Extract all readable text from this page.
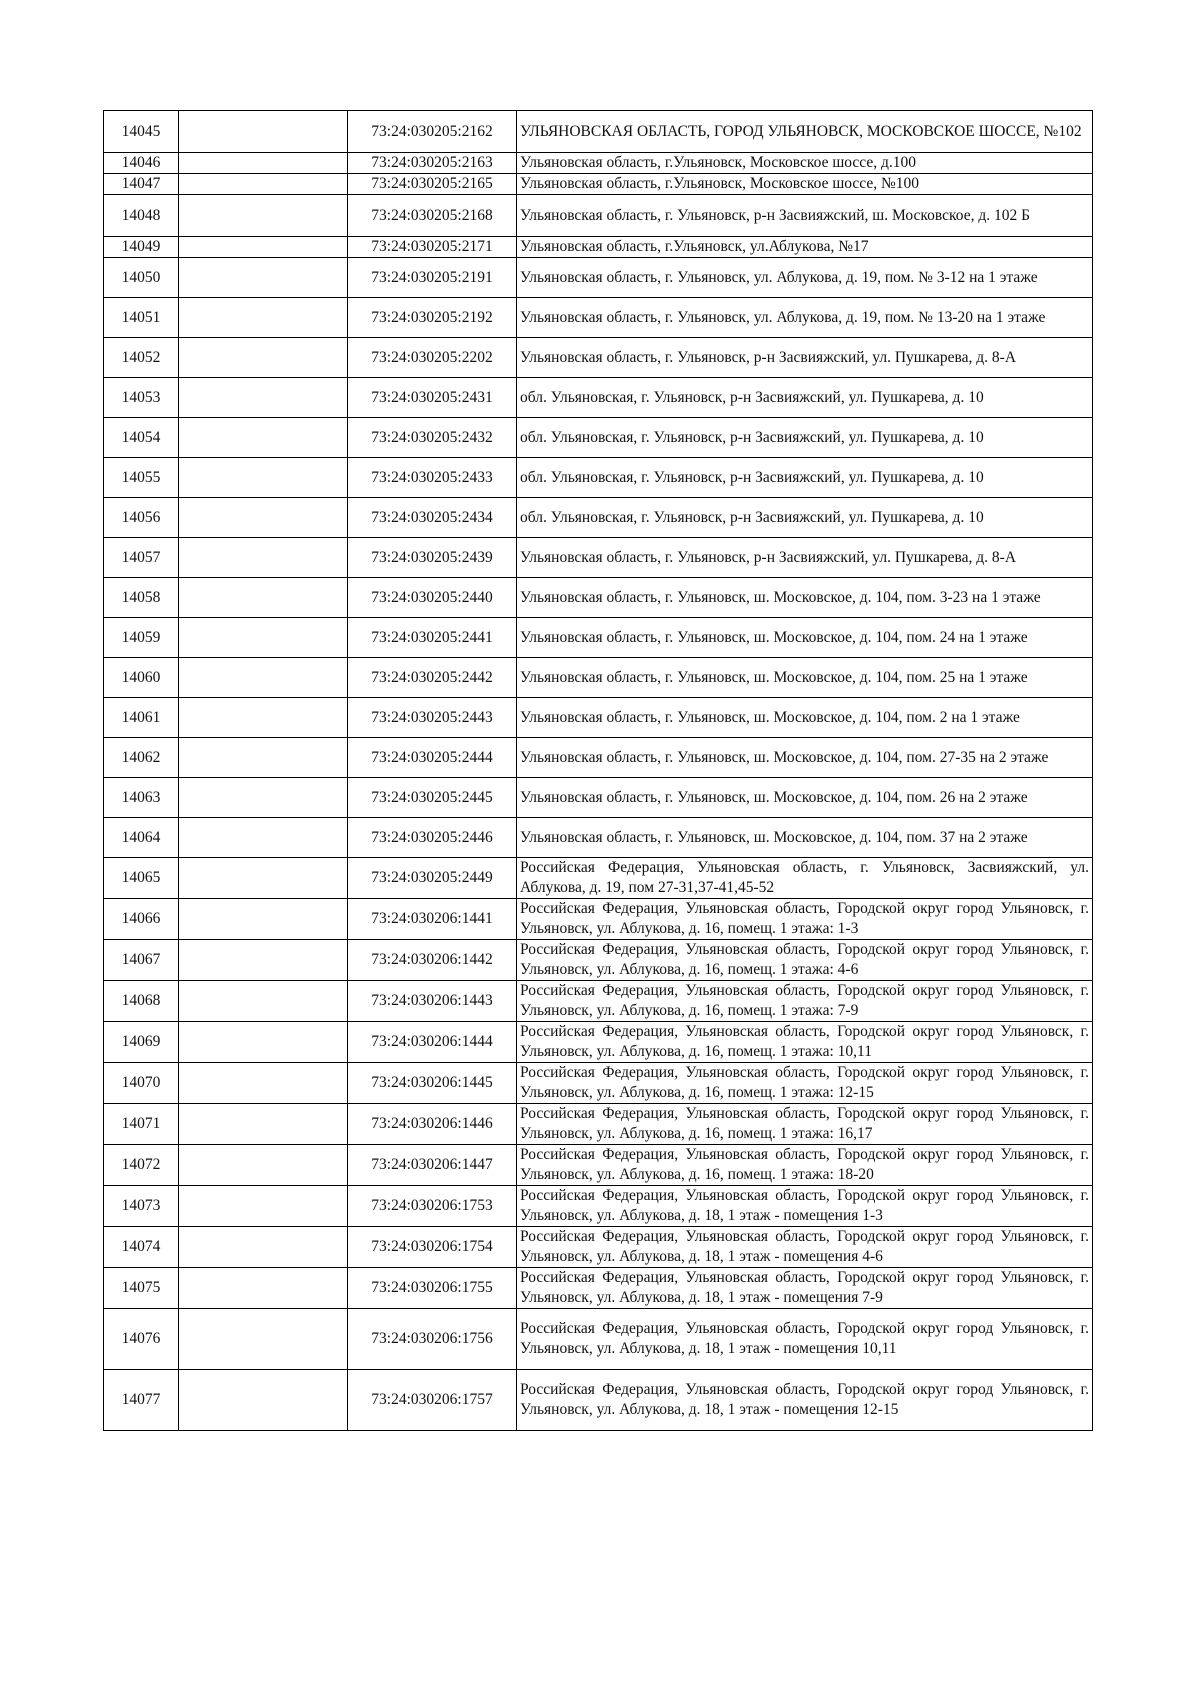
14045		73:24:030205:2162	УЛЬЯНОВСКАЯ ОБЛАСТЬ, ГОРОД УЛЬЯНОВСК, МОСКОВСКОЕ ШОССЕ, №102
14046		73:24:030205:2163	Ульяновская область, г.Ульяновск, Московское шоссе, д.100
14047		73:24:030205:2165	Ульяновская область, г.Ульяновск, Московское шоссе, №100
14048		73:24:030205:2168	Ульяновская область, г. Ульяновск, р-н Засвияжский, ш. Московское, д. 102 Б
14049		73:24:030205:2171	Ульяновская область, г.Ульяновск, ул.Аблукова, №17
14050		73:24:030205:2191	Ульяновская область, г. Ульяновск, ул. Аблукова, д. 19, пом. № 3-12 на 1 этаже
14051		73:24:030205:2192	Ульяновская область, г. Ульяновск, ул. Аблукова, д. 19, пом. № 13-20 на 1 этаже
14052		73:24:030205:2202	Ульяновская область, г. Ульяновск, р-н Засвияжский, ул. Пушкарева, д. 8-А
14053		73:24:030205:2431	обл. Ульяновская, г. Ульяновск, р-н Засвияжский, ул. Пушкарева, д. 10
14054		73:24:030205:2432	обл. Ульяновская, г. Ульяновск, р-н Засвияжский, ул. Пушкарева, д. 10
14055		73:24:030205:2433	обл. Ульяновская, г. Ульяновск, р-н Засвияжский, ул. Пушкарева, д. 10
14056		73:24:030205:2434	обл. Ульяновская, г. Ульяновск, р-н Засвияжский, ул. Пушкарева, д. 10
14057		73:24:030205:2439	Ульяновская область, г. Ульяновск, р-н Засвияжский, ул. Пушкарева, д. 8-А
14058		73:24:030205:2440	Ульяновская область, г. Ульяновск, ш. Московское, д. 104, пом. 3-23 на 1 этаже
14059		73:24:030205:2441	Ульяновская область, г. Ульяновск, ш. Московское, д. 104, пом. 24 на 1 этаже
14060		73:24:030205:2442	Ульяновская область, г. Ульяновск, ш. Московское, д. 104, пом. 25 на 1 этаже
14061		73:24:030205:2443	Ульяновская область, г. Ульяновск, ш. Московское, д. 104, пом. 2 на 1 этаже
14062		73:24:030205:2444	Ульяновская область, г. Ульяновск, ш. Московское, д. 104, пом. 27-35 на 2 этаже
14063		73:24:030205:2445	Ульяновская область, г. Ульяновск, ш. Московское, д. 104, пом. 26 на 2 этаже
14064		73:24:030205:2446	Ульяновская область, г. Ульяновск, ш. Московское, д. 104, пом. 37 на 2 этаже
14065		73:24:030205:2449	Российская Федерация, Ульяновская область, г. Ульяновск, Засвияжский, ул. Аблукова, д. 19, пом 27-31,37-41,45-52
14066		73:24:030206:1441	Российская Федерация, Ульяновская область, Городской округ город Ульяновск, г. Ульяновск, ул. Аблукова, д. 16, помещ. 1 этажа: 1-3
14067		73:24:030206:1442	Российская Федерация, Ульяновская область, Городской округ город Ульяновск, г. Ульяновск, ул. Аблукова, д. 16, помещ. 1 этажа: 4-6
14068		73:24:030206:1443	Российская Федерация, Ульяновская область, Городской округ город Ульяновск, г. Ульяновск, ул. Аблукова, д. 16, помещ. 1 этажа: 7-9
14069		73:24:030206:1444	Российская Федерация, Ульяновская область, Городской округ город Ульяновск, г. Ульяновск, ул. Аблукова, д. 16, помещ. 1 этажа: 10,11
14070		73:24:030206:1445	Российская Федерация, Ульяновская область, Городской округ город Ульяновск, г. Ульяновск, ул. Аблукова, д. 16, помещ. 1 этажа: 12-15
14071		73:24:030206:1446	Российская Федерация, Ульяновская область, Городской округ город Ульяновск, г. Ульяновск, ул. Аблукова, д. 16, помещ. 1 этажа: 16,17
14072		73:24:030206:1447	Российская Федерация, Ульяновская область, Городской округ город Ульяновск, г. Ульяновск, ул. Аблукова, д. 16, помещ. 1 этажа: 18-20
14073		73:24:030206:1753	Российская Федерация, Ульяновская область, Городской округ город Ульяновск, г. Ульяновск, ул. Аблукова, д. 18, 1 этаж - помещения 1-3
14074		73:24:030206:1754	Российская Федерация, Ульяновская область, Городской округ город Ульяновск, г. Ульяновск, ул. Аблукова, д. 18, 1 этаж - помещения 4-6
14075		73:24:030206:1755	Российская Федерация, Ульяновская область, Городской округ город Ульяновск, г. Ульяновск, ул. Аблукова, д. 18, 1 этаж - помещения 7-9
14076		73:24:030206:1756	Российская Федерация, Ульяновская область, Городской округ город Ульяновск, г. Ульяновск, ул. Аблукова, д. 18, 1 этаж - помещения 10,11
14077		73:24:030206:1757	Российская Федерация, Ульяновская область, Городской округ город Ульяновск, г. Ульяновск, ул. Аблукова, д. 18, 1 этаж - помещения 12-15
